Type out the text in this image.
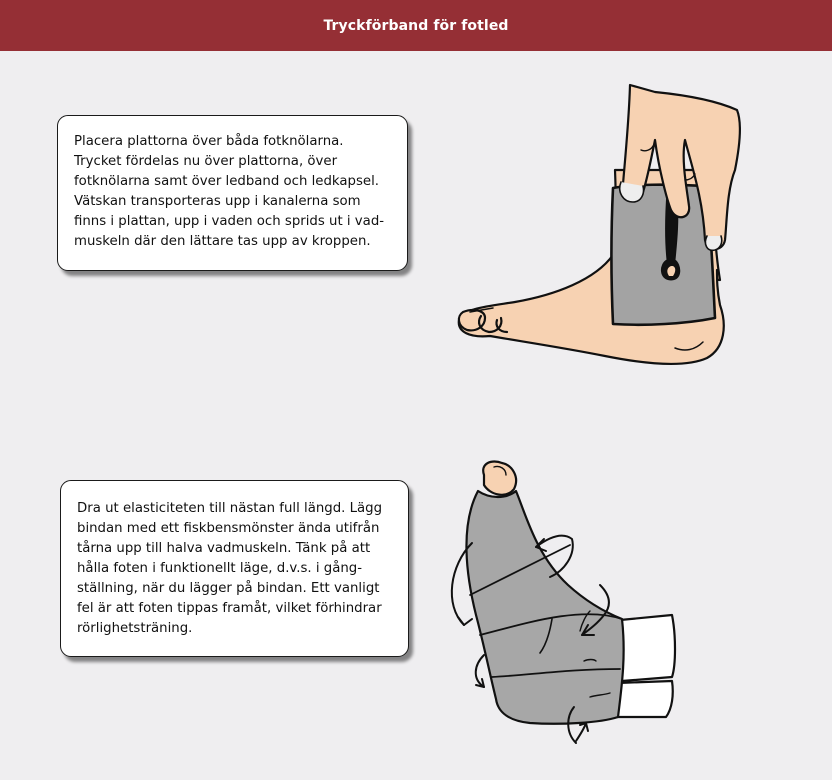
Tryckförband för fotled

Placera plattorna över båda fotknölarna.

Trycket fördelas nu över plattorna, över

fotknölarna samt över ledband och ledkapsel.

Vätskan transporteras upp i kanalerna som

finns i plattan, upp i vaden och sprids ut i vad-

muskeln där den lättare tas upp av kroppen.

Dra ut elasticiteten till nästan full längd. Lägg

bindan med ett fiskbensmönster ända utifrån

tårna upp till halva vadmuskeln. Tänk på att

hålla foten i funktionellt läge, d.v.s. i gång-

ställning, när du lägger på bindan. Ett vanligt

fel är att foten tippas framåt, vilket förhindrar

rörlighetsträning.
